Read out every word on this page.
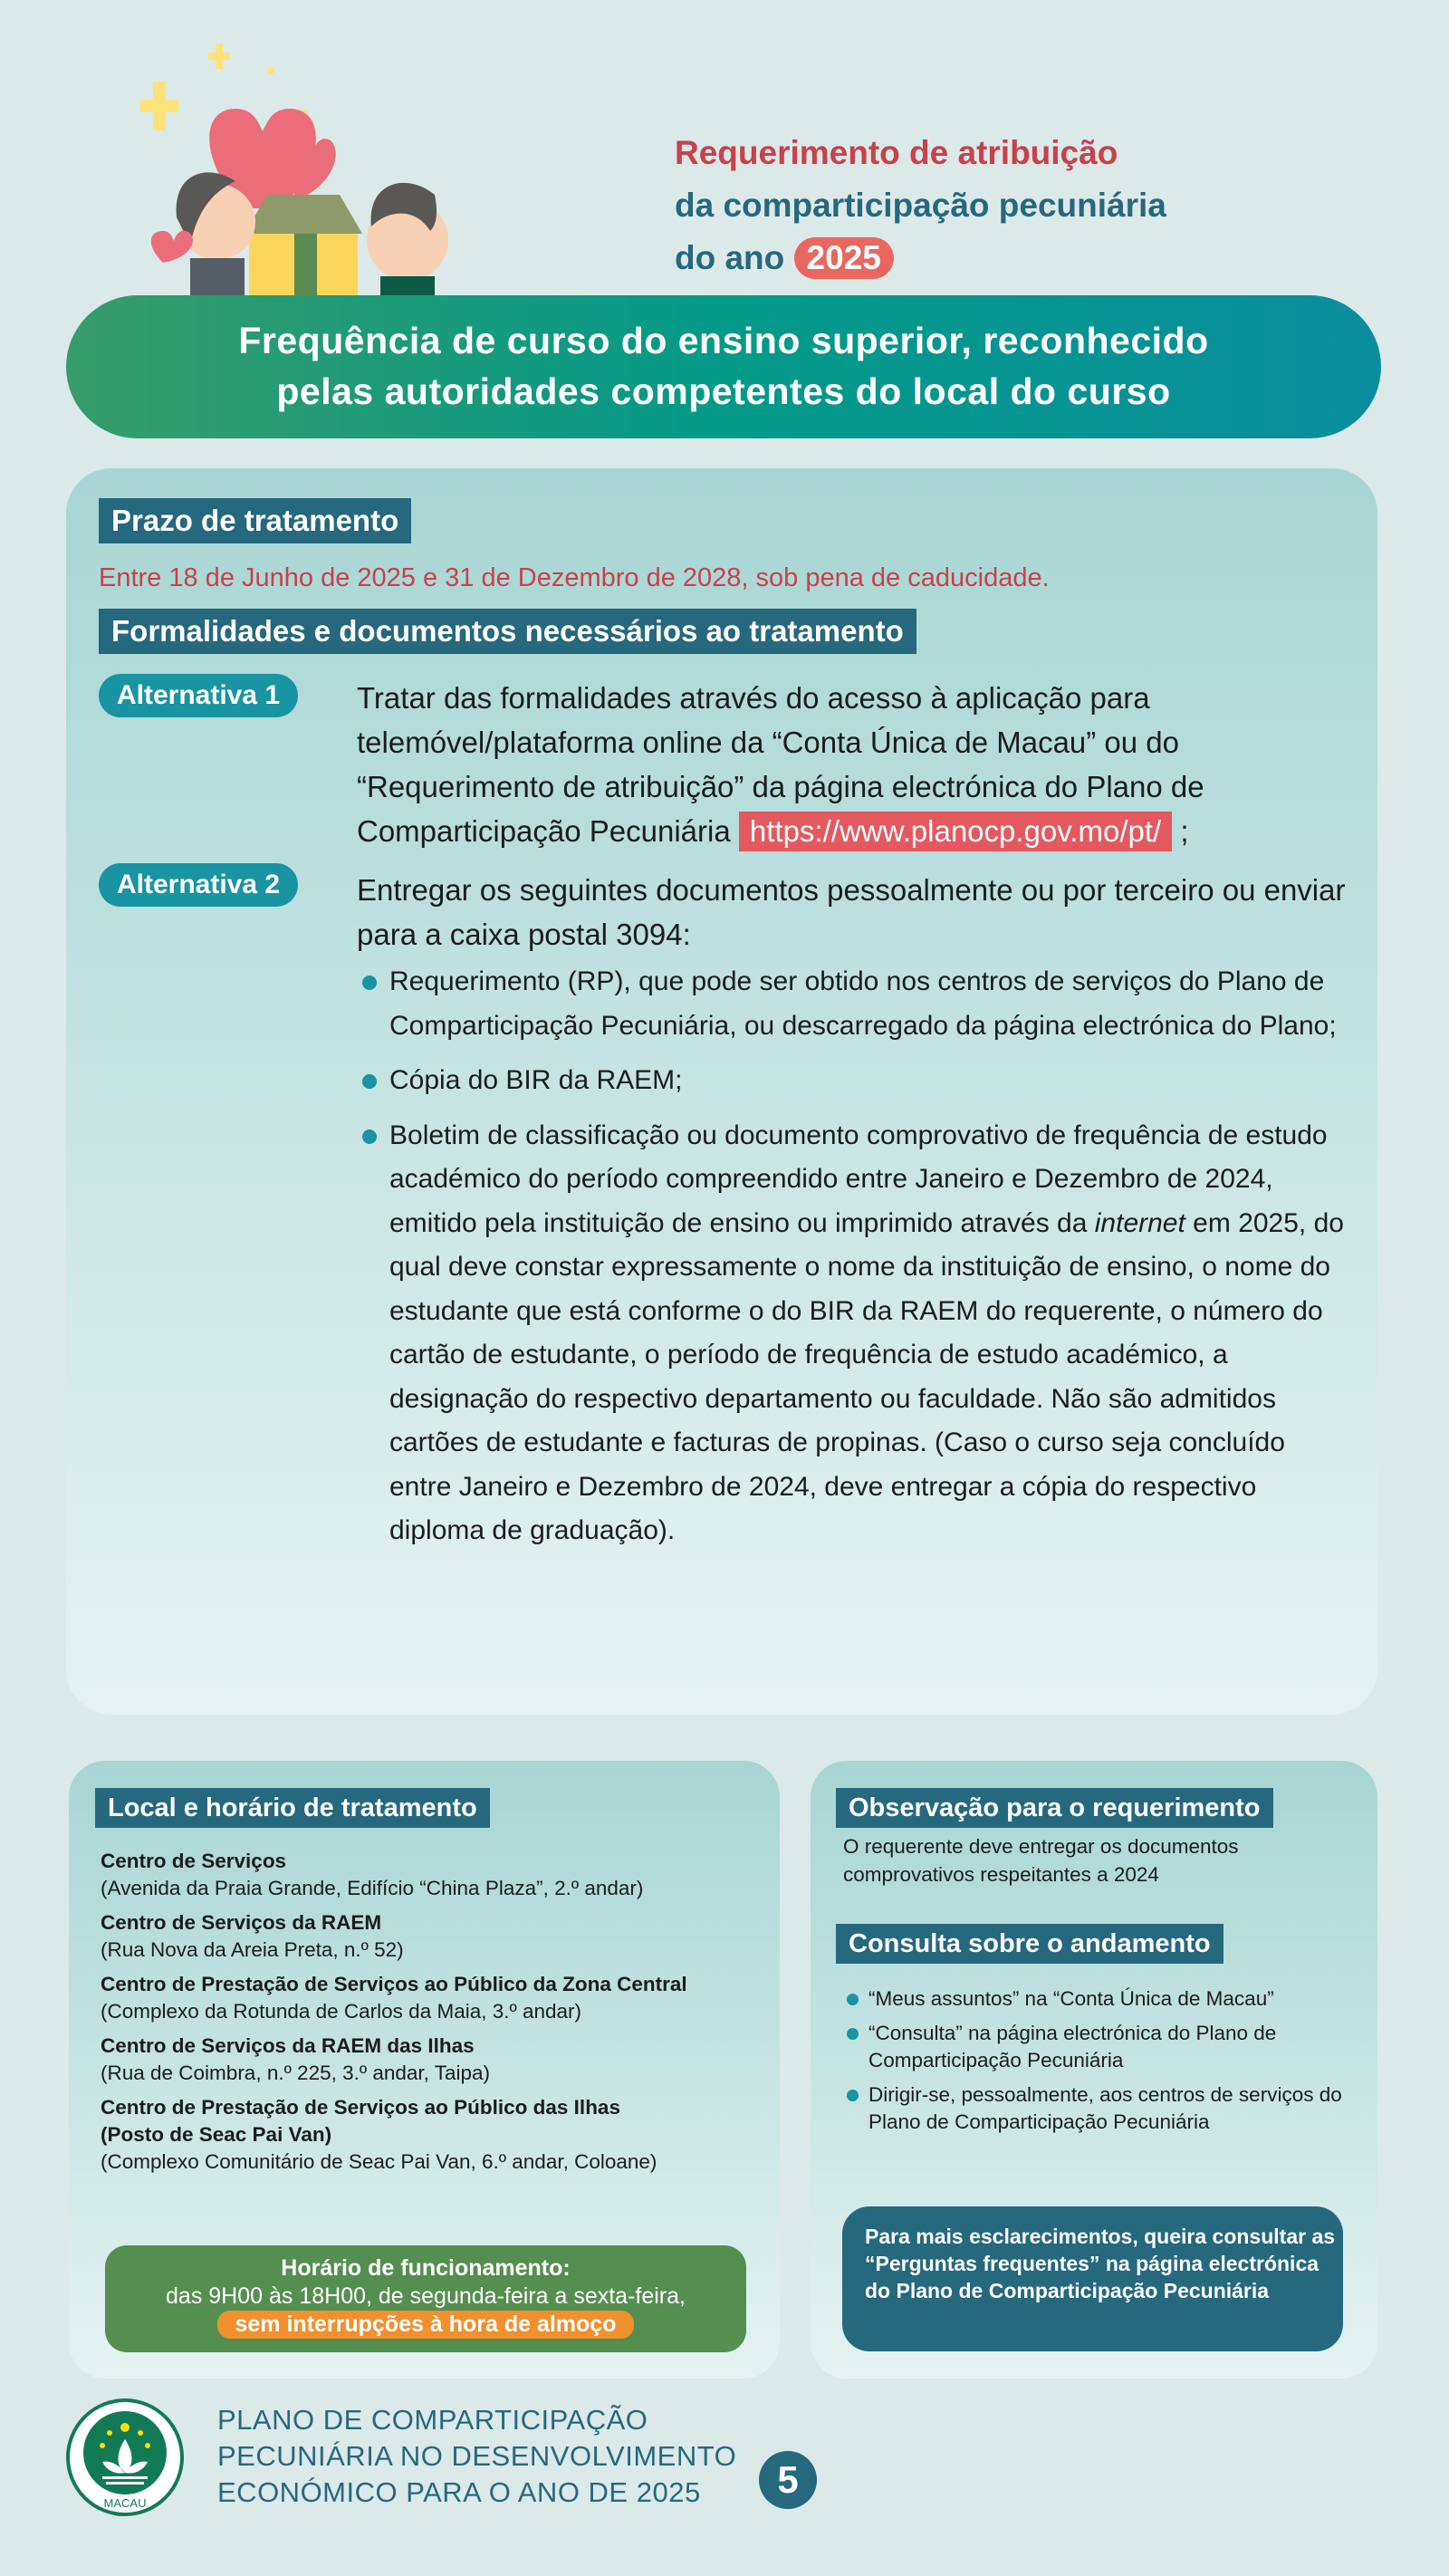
Requerimento de atribuição
da comparticipação pecuniária
do ano 2025
Frequência de curso do ensino superior, reconhecido
pelas autoridades competentes do local do curso
Prazo de tratamento
Entre 18 de Junho de 2025 e 31 de Dezembro de 2028, sob pena de caducidade.
Formalidades e documentos necessários ao tratamento
Alternativa 1	Tratar das formalidades através do acesso à aplicação para telemóvel/plataforma online da “Conta Única de Macau” ou do “Requerimento de atribuição” da página electrónica do Plano de Comparticipação Pecuniária https://www.planocp.gov.mo/pt/ ;
Alternativa 2	Entregar os seguintes documentos pessoalmente ou por terceiro ou enviar para a caixa postal 3094:
Requerimento (RP), que pode ser obtido nos centros de serviços do Plano de Comparticipação Pecuniária, ou descarregado da página electrónica do Plano;
Cópia do BIR da RAEM;
Boletim de classificação ou documento comprovativo de frequência de estudo académico do período compreendido entre Janeiro e Dezembro de 2024, emitido pela instituição de ensino ou imprimido através da internet em 2025, do qual deve constar expressamente o nome da instituição de ensino, o nome do estudante que está conforme o do BIR da RAEM do requerente, o número do cartão de estudante, o período de frequência de estudo académico, a designação do respectivo departamento ou faculdade. Não são admitidos cartões de estudante e facturas de propinas. (Caso o curso seja concluído entre Janeiro e Dezembro de 2024, deve entregar a cópia do respectivo diploma de graduação).
Local e horário de tratamento
Centro de Serviços
(Avenida da Praia Grande, Edifício “China Plaza”, 2.º andar)
Centro de Serviços da RAEM
(Rua Nova da Areia Preta, n.º 52)
Centro de Prestação de Serviços ao Público da Zona Central
(Complexo da Rotunda de Carlos da Maia, 3.º andar)
Centro de Serviços da RAEM das Ilhas
(Rua de Coimbra, n.º 225, 3.º andar, Taipa)
Centro de Prestação de Serviços ao Público das Ilhas (Posto de Seac Pai Van)
(Complexo Comunitário de Seac Pai Van, 6.º andar, Coloane)
Horário de funcionamento:
das 9H00 às 18H00, de segunda-feira a sexta-feira,
sem interrupções à hora de almoço
Observação para o requerimento
O requerente deve entregar os documentos comprovativos respeitantes a 2024
Consulta sobre o andamento
“Meus assuntos” na “Conta Única de Macau”
“Consulta” na página electrónica do Plano de Comparticipação Pecuniária
Dirigir-se, pessoalmente, aos centros de serviços do Plano de Comparticipação Pecuniária
Para mais esclarecimentos, queira consultar as “Perguntas frequentes” na página electrónica do Plano de Comparticipação Pecuniária
MACAU
PLANO DE COMPARTICIPAÇÃO
PECUNIÁRIA NO DESENVOLVIMENTO
ECONÓMICO PARA O ANO DE 2025	5
